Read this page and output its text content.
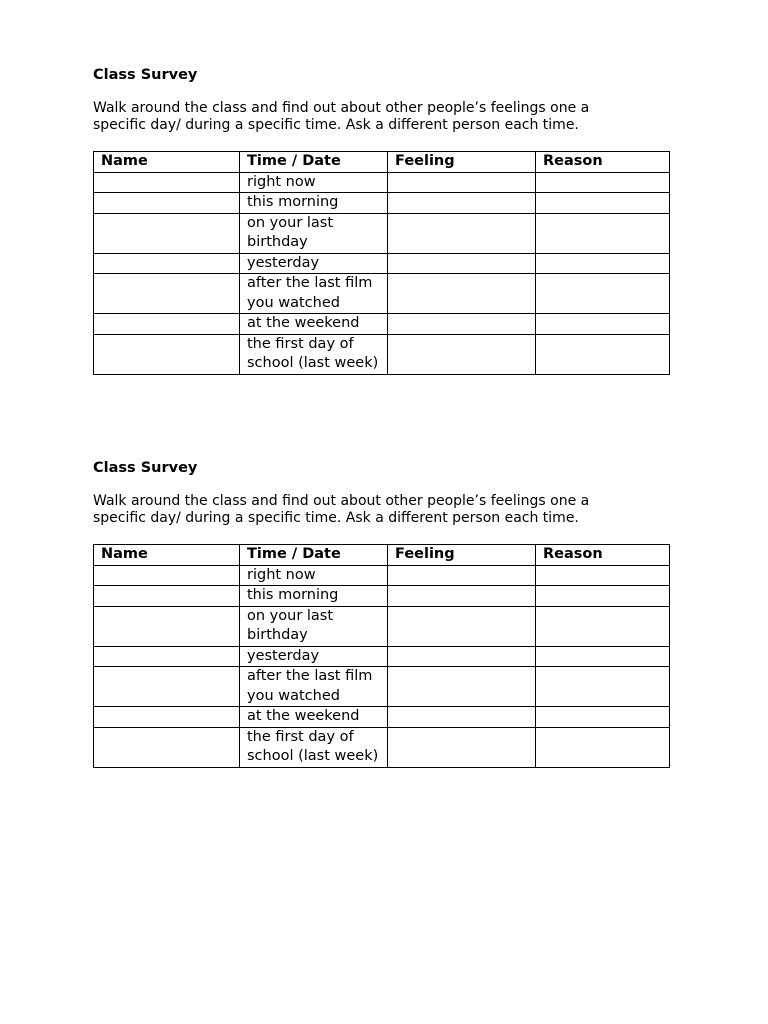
Class Survey

Walk around the class and find out about other people’s feelings one a
specific day/ during a specific time. Ask a different person each time.

Name	Time / Date	Feeling	Reason
	right now		
	this morning		
	on your last birthday		
	yesterday		
	after the last film you watched		
	at the weekend		
	the first day of school (last week)		

Class Survey

Walk around the class and find out about other people’s feelings one a
specific day/ during a specific time. Ask a different person each time.

Name	Time / Date	Feeling	Reason
	right now		
	this morning		
	on your last birthday		
	yesterday		
	after the last film you watched		
	at the weekend		
	the first day of school (last week)		
